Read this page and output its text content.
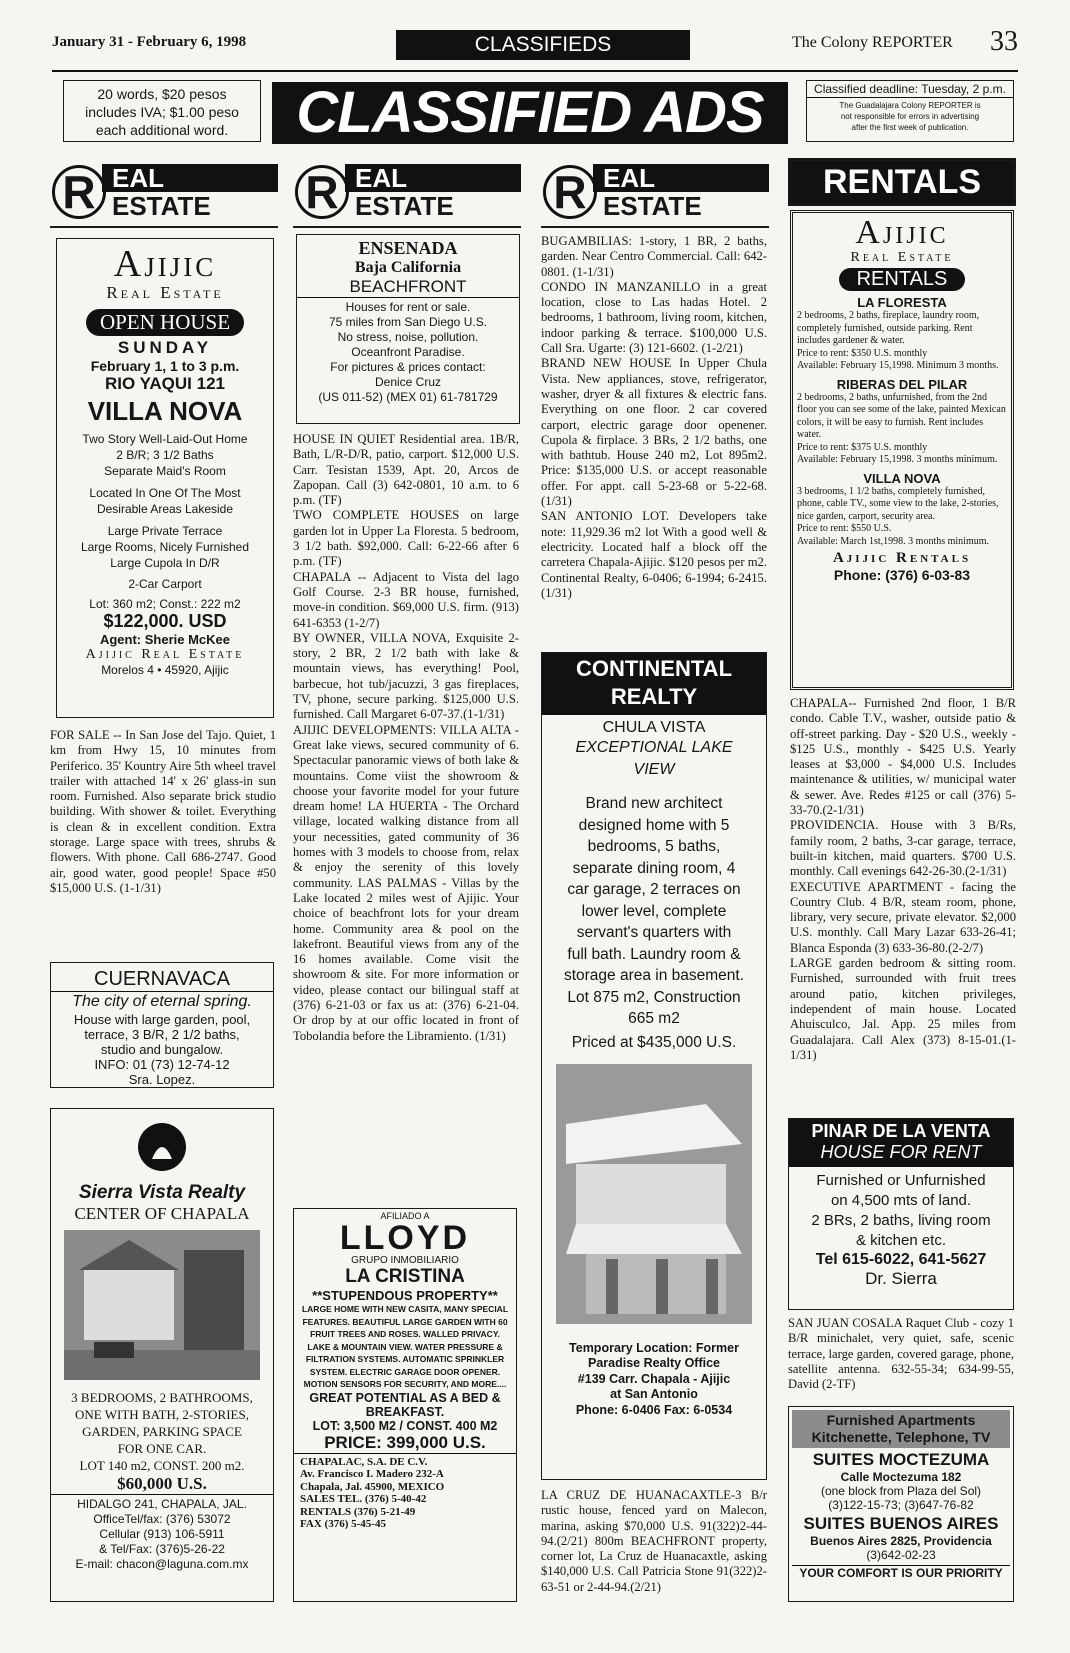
January 31 - February 6, 1998	CLASSIFIEDS	The Colony REPORTER 33
20 words, $20 pesos
includes IVA; $1.00 peso
each additional word.	CLASSIFIED ADS	Classified deadline: Tuesday, 2 p.m.
The Guadalajara Colony REPORTER is
not responsible for errors in advertising
after the first week of publication.
R EAL
ESTATE
Ajijic
Real Estate
OPEN HOUSE
SUNDAY
February 1, 1 to 3 p.m.
RIO YAQUI 121
VILLA NOVA
Two Story Well-Laid-Out Home
2 B/R; 3 1/2 Baths
Separate Maid's Room
Located In One Of The Most
Desirable Areas Lakeside
Large Private Terrace
Large Rooms, Nicely Furnished
Large Cupola In D/R
2-Car Carport
Lot: 360 m2; Const.: 222 m2
$122,000. USD
Agent: Sherie McKee
Ajijic Real Estate
Morelos 4 • 45920, Ajijic
FOR SALE -- In San Jose del Tajo. Quiet, 1 km from Hwy 15, 10 minutes from Periferico. 35' Kountry Aire 5th wheel travel trailer with attached 14' x 26' glass-in sun room. Furnished. Also separate brick studio building. With shower & toilet. Everything is clean & in excellent condition. Extra storage. Large space with trees, shrubs & flowers. With phone. Call 686-2747. Good air, good water, good people! Space #50 $15,000 U.S. (1-1/31)
CUERNAVACA
The city of eternal spring.
House with large garden, pool,
terrace, 3 B/R, 2 1/2 baths,
studio and bungalow.
INFO: 01 (73) 12-74-12
Sra. Lopez.
Sierra Vista Realty
CENTER OF CHAPALA
3 BEDROOMS, 2 BATHROOMS,
ONE WITH BATH, 2-STORIES,
GARDEN, PARKING SPACE
FOR ONE CAR.
LOT 140 m2, CONST. 200 m2.
$60,000 U.S.
HIDALGO 241, CHAPALA, JAL.
OfficeTel/fax: (376) 53072
Cellular (913) 106-5911
& Tel/Fax: (376)5-26-22
E-mail: chacon@laguna.com.mx
R EAL
ESTATE
ENSENADA
Baja California
BEACHFRONT
Houses for rent or sale.
75 miles from San Diego U.S.
No stress, noise, pollution.
Oceanfront Paradise.
For pictures & prices contact:
Denice Cruz
(US 011-52) (MEX 01) 61-781729
HOUSE IN QUIET Residential area. 1B/R, Bath, L/R-D/R, patio, carport. $12,000 U.S. Carr. Tesistan 1539, Apt. 20, Arcos de Zapopan. Call (3) 642-0801, 10 a.m. to 6 p.m. (TF)
TWO COMPLETE HOUSES on large garden lot in Upper La Floresta. 5 bedroom, 3 1/2 bath. $92,000. Call: 6-22-66 after 6 p.m. (TF)
CHAPALA -- Adjacent to Vista del lago Golf Course. 2-3 BR house, furnished, move-in condition. $69,000 U.S. firm. (913) 641-6353 (1-2/7)
BY OWNER, VILLA NOVA, Exquisite 2-story, 2 BR, 2 1/2 bath with lake & mountain views, has everything! Pool, barbecue, hot tub/jacuzzi, 3 gas fireplaces, TV, phone, secure parking. $125,000 U.S. furnished. Call Margaret 6-07-37.(1-1/31)
AJIJIC DEVELOPMENTS: VILLA ALTA - Great lake views, secured community of 6. Spectacular panoramic views of both lake & mountains. Come viist the showroom & choose your favorite model for your future dream home! LA HUERTA - The Orchard village, located walking distance from all your necessities, gated community of 36 homes with 3 models to choose from, relax & enjoy the serenity of this lovely community. LAS PALMAS - Villas by the Lake located 2 miles west of Ajijic. Your choice of beachfront lots for your dream home. Community area & pool on the lakefront. Beautiful views from any of the 16 homes available. Come visit the showroom & site. For more information or video, please contact our bilingual staff at (376) 6-21-03 or fax us at: (376) 6-21-04. Or drop by at our offic located in front of Tobolandia before the Libramiento. (1/31)
AFILIADO A
LLOYD
GRUPO INMOBILIARIO
LA CRISTINA
**STUPENDOUS PROPERTY**
LARGE HOME WITH NEW CASITA, MANY SPECIAL FEATURES. BEAUTIFUL LARGE GARDEN WITH 60 FRUIT TREES AND ROSES. WALLED PRIVACY. LAKE & MOUNTAIN VIEW. WATER PRESSURE & FILTRATION SYSTEMS. AUTOMATIC SPRINKLER SYSTEM. ELECTRIC GARAGE DOOR OPENER. MOTION SENSORS FOR SECURITY, AND MORE....
GREAT POTENTIAL AS A BED & BREAKFAST.
LOT: 3,500 M2 / CONST. 400 M2
PRICE: 399,000 U.S.
CHAPALAC, S.A. DE C.V.
Av. Francisco I. Madero 232-A
Chapala, Jal. 45900, MEXICO
SALES TEL. (376) 5-40-42
RENTALS (376) 5-21-49
FAX (376) 5-45-45
R EAL
ESTATE
BUGAMBILIAS: 1-story, 1 BR, 2 baths, garden. Near Centro Commercial. Call: 642-0801. (1-1/31)
CONDO IN MANZANILLO in a great location, close to Las hadas Hotel. 2 bedrooms, 1 bathroom, living room, kitchen, indoor parking & terrace. $100,000 U.S. Call Sra. Ugarte: (3) 121-6602. (1-2/21)
BRAND NEW HOUSE In Upper Chula Vista. New appliances, stove, refrigerator, washer, dryer & all fixtures & electric fans. Everything on one floor. 2 car covered carport, electric garage door openener. Cupola & firplace. 3 BRs, 2 1/2 baths, one with bathtub. House 240 m2, Lot 895m2. Price: $135,000 U.S. or accept reasonable offer. For appt. call 5-23-68 or 5-22-68. (1/31)
SAN ANTONIO LOT. Developers take note: 11,929.36 m2 lot With a good well & electricity. Located half a block off the carretera Chapala-Ajijic. $120 pesos per m2. Continental Realty, 6-0406; 6-1994; 6-2415. (1/31)
CONTINENTAL
REALTY
CHULA VISTA
EXCEPTIONAL LAKE
VIEW
Brand new architect
designed home with 5
bedrooms, 5 baths,
separate dining room, 4
car garage, 2 terraces on
lower level, complete
servant's quarters with
full bath. Laundry room &
storage area in basement.
Lot 875 m2, Construction
665 m2
Priced at $435,000 U.S.
Temporary Location: Former
Paradise Realty Office
#139 Carr. Chapala - Ajijic
at San Antonio
Phone: 6-0406 Fax: 6-0534
LA CRUZ DE HUANACAXTLE-3 B/r rustic house, fenced yard on Malecon, marina, asking $70,000 U.S. 91(322)2-44-94.(2/21) 800m BEACHFRONT property, corner lot, La Cruz de Huanacaxtle, asking $140,000 U.S. Call Patricia Stone 91(322)2-63-51 or 2-44-94.(2/21)
RENTALS
Ajijic
Real Estate
RENTALS
LA FLORESTA
2 bedrooms, 2 baths, fireplace, laundry room, completely furnished, outside parking. Rent includes gardener & water.
Price to rent: $350 U.S. monthly
Available: February 15,1998. Minimum 3 months.
RIBERAS DEL PILAR
2 bedrooms, 2 baths, unfurnished, from the 2nd floor you can see some of the lake, painted Mexican colors, it will be easy to furnish. Rent includes water.
Price to rent: $375 U.S. monthly
Available: February 15,1998. 3 months minimum.
VILLA NOVA
3 bedrooms, 1 1/2 baths, completely furnished, phone, cable TV., some view to the lake, 2-stories, nice garden, carport, security area.
Price to rent: $550 U.S.
Available: March 1st,1998. 3 months minimum.
Ajijic Rentals
Phone: (376) 6-03-83
CHAPALA-- Furnished 2nd floor, 1 B/R condo. Cable T.V., washer, outside patio & off-street parking. Day - $20 U.S., weekly - $125 U.S., monthly - $425 U.S. Yearly leases at $3,000 - $4,000 U.S. Includes maintenance & utilities, w/ municipal water & sewer. Ave. Redes #125 or call (376) 5-33-70.(2-1/31)
PROVIDENCIA. House with 3 B/Rs, family room, 2 baths, 3-car garage, terrace, built-in kitchen, maid quarters. $700 U.S. monthly. Call evenings 642-26-30.(2-1/31)
EXECUTIVE APARTMENT - facing the Country Club. 4 B/R, steam room, phone, library, very secure, private elevator. $2,000 U.S. monthly. Call Mary Lazar 633-26-41; Blanca Esponda (3) 633-36-80.(2-2/7)
LARGE garden bedroom & sitting room. Furnished, surrounded with fruit trees around patio, kitchen privileges, independent of main house. Located Ahuisculco, Jal. App. 25 miles from Guadalajara. Call Alex (373) 8-15-01.(1-1/31)
PINAR DE LA VENTA
HOUSE FOR RENT
Furnished or Unfurnished
on 4,500 mts of land.
2 BRs, 2 baths, living room
& kitchen etc.
Tel 615-6022, 641-5627
Dr. Sierra
SAN JUAN COSALA Raquet Club - cozy 1 B/R minichalet, very quiet, safe, scenic terrace, large garden, covered garage, phone, satellite antenna. 632-55-34; 634-99-55, David (2-TF)
Furnished Apartments
Kitchenette, Telephone, TV
SUITES MOCTEZUMA
Calle Moctezuma 182
(one block from Plaza del Sol)
(3)122-15-73; (3)647-76-82
SUITES BUENOS AIRES
Buenos Aires 2825, Providencia
(3)642-02-23
YOUR COMFORT IS OUR PRIORITY
